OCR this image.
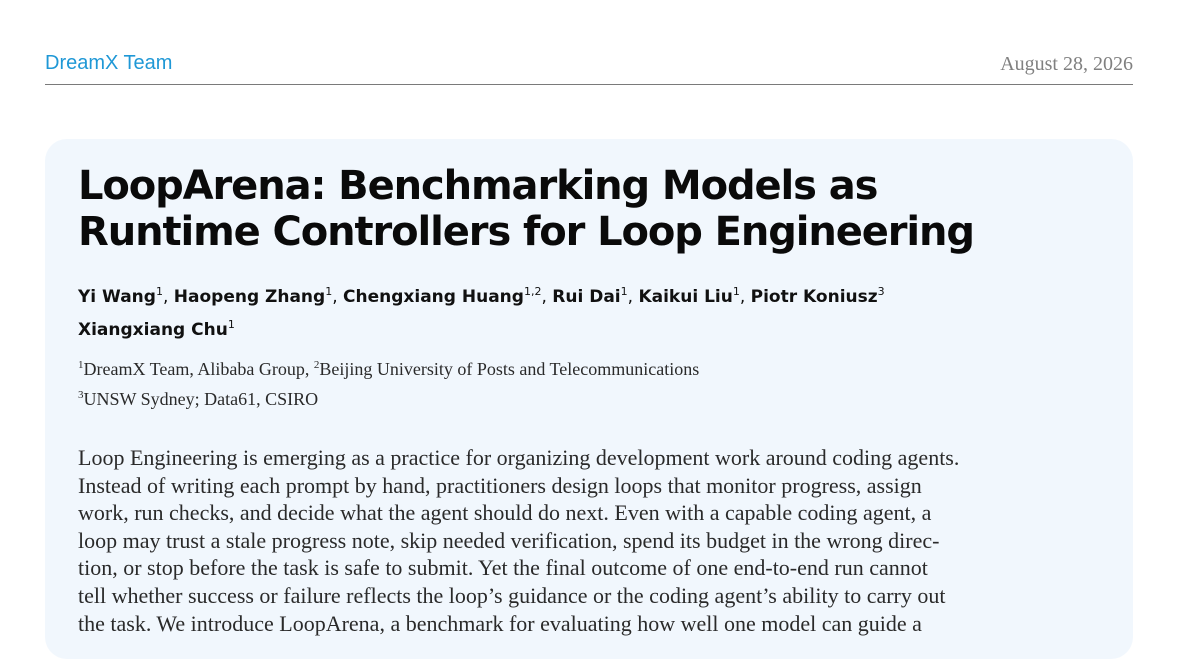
DreamX Team	August 28, 2026
LoopArena: Benchmarking Models as
Runtime Controllers for Loop Engineering
Yi Wang$^1$, Haopeng Zhang$^1$, Chengxiang Huang$^{1,2}$, Rui Dai$^1$, Kaikui Liu$^1$, Piotr Koniusz$^3$
Xiangxiang Chu$^1$
$^1$DreamX Team, Alibaba Group, $^2$Beijing University of Posts and Telecommunications
$^3$UNSW Sydney; Data61, CSIRO
Loop Engineering is emerging as a practice for organizing development work around coding agents.
Instead of writing each prompt by hand, practitioners design loops that monitor progress, assign
work, run checks, and decide what the agent should do next. Even with a capable coding agent, a
loop may trust a stale progress note, skip needed verification, spend its budget in the wrong direc-
tion, or stop before the task is safe to submit. Yet the final outcome of one end-to-end run cannot
tell whether success or failure reflects the loop’s guidance or the coding agent’s ability to carry out
the task. We introduce LoopArena, a benchmark for evaluating how well one model can guide a
